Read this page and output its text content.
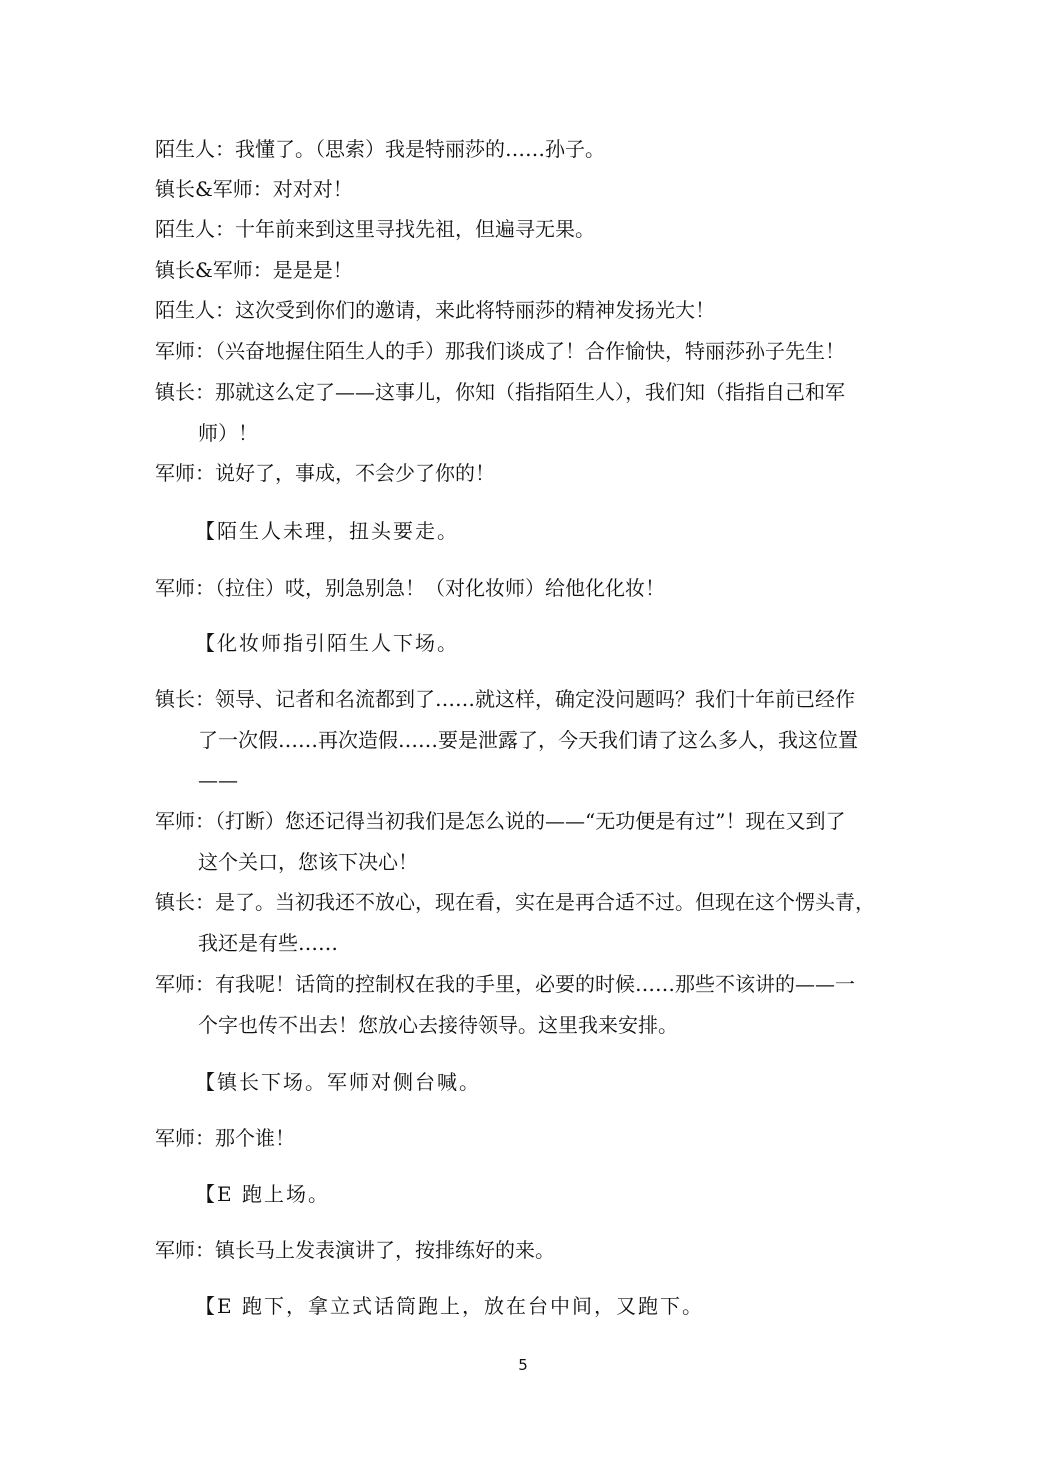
陌生人：我懂了。（思索）我是特丽莎的……孙子。
镇长&军师：对对对！
陌生人：十年前来到这里寻找先祖，但遍寻无果。
镇长&军师：是是是！
陌生人：这次受到你们的邀请，来此将特丽莎的精神发扬光大！
军师：（兴奋地握住陌生人的手）那我们谈成了！合作愉快，特丽莎孙子先生！
镇长：那就这么定了——这事儿，你知（指指陌生人），我们知（指指自己和军
师）！
军师：说好了，事成，不会少了你的！
【陌生人未理，扭头要走。
军师：（拉住）哎，别急别急！（对化妆师）给他化化妆！
【化妆师指引陌生人下场。
镇长：领导、记者和名流都到了……就这样，确定没问题吗？我们十年前已经作
了一次假……再次造假……要是泄露了，今天我们请了这么多人，我这位置
——
军师：（打断）您还记得当初我们是怎么说的——“无功便是有过”！现在又到了
这个关口，您该下决心！
镇长：是了。当初我还不放心，现在看，实在是再合适不过。但现在这个愣头青，
我还是有些……
军师：有我呢！话筒的控制权在我的手里，必要的时候……那些不该讲的——一
个字也传不出去！您放心去接待领导。这里我来安排。
【镇长下场。军师对侧台喊。
军师：那个谁！
【E 跑上场。
军师：镇长马上发表演讲了，按排练好的来。
【E 跑下，拿立式话筒跑上，放在台中间，又跑下。
5
